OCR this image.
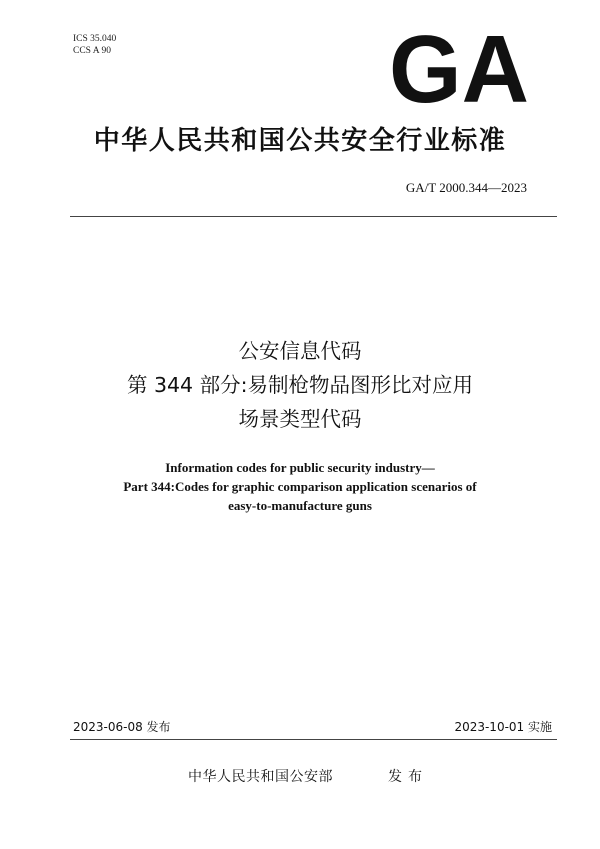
ICS 35.040
CCS A 90	GA
中华人民共和国公共安全行业标准
GA/T 2000.344—2023
公安信息代码
第 344 部分:易制枪物品图形比对应用
场景类型代码
Information codes for public security industry—
Part 344:Codes for graphic comparison application scenarios of
easy-to-manufacture guns
2023-06-08 发布	2023-10-01 实施
中华人民共和国公安部	发布
